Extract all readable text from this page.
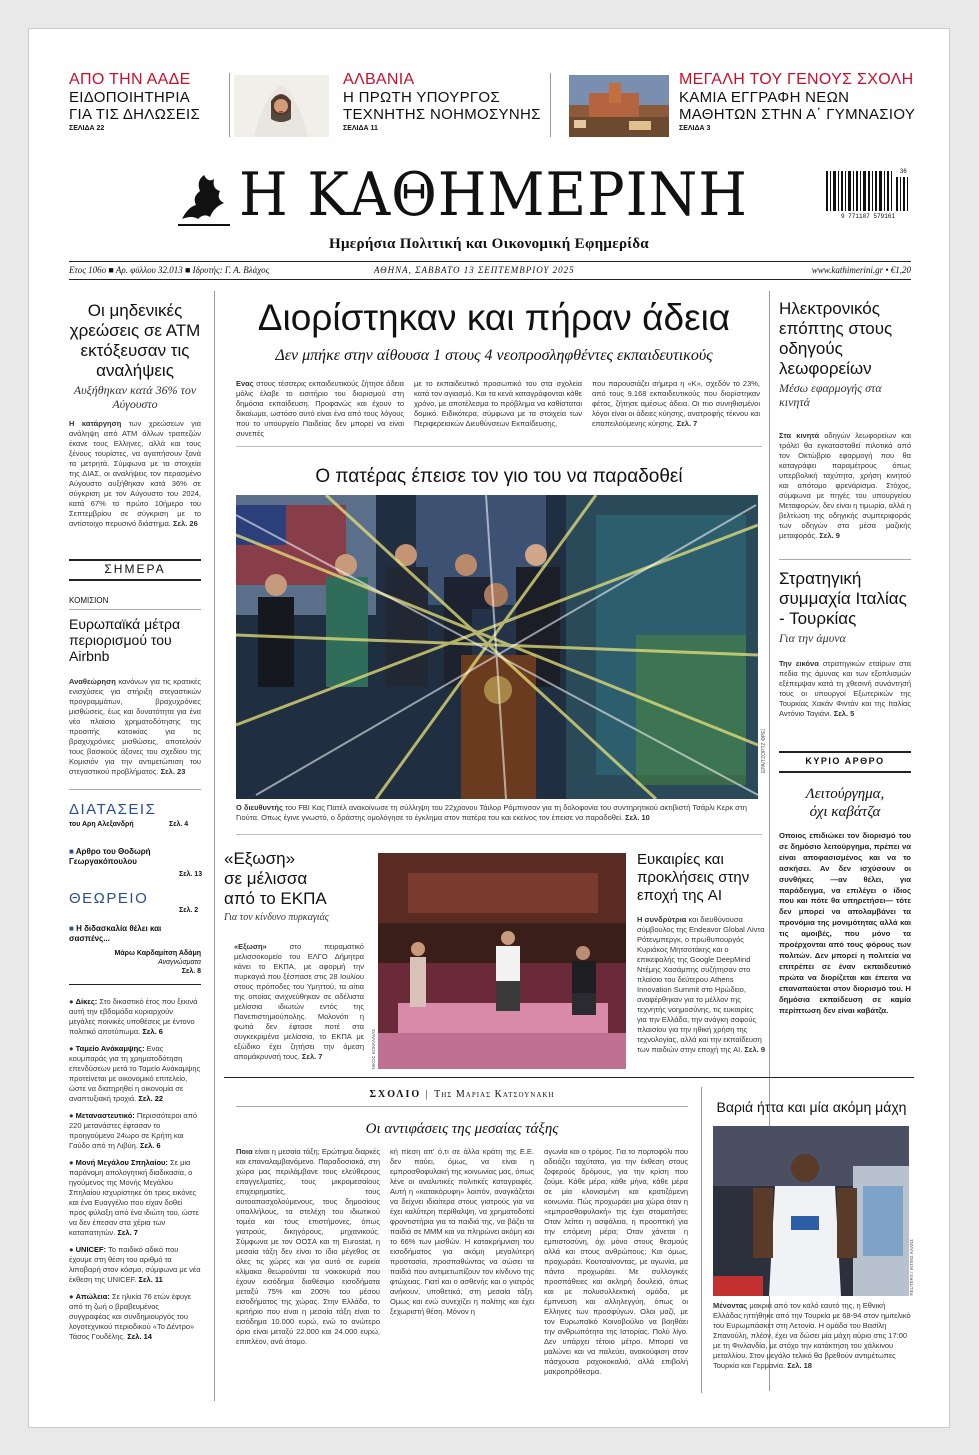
ΑΠΟ ΤΗΝ ΑΑΔΕ
ΕΙΔΟΠΟΙΗΤΗΡΙΑ
ΓΙΑ ΤΙΣ ΔΗΛΩΣΕΙΣ
ΣΕΛΙΔΑ 22
ΑΛΒΑΝΙΑ
Η ΠΡΩΤΗ ΥΠΟΥΡΓΟΣ
ΤΕΧΝΗΤΗΣ ΝΟΗΜΟΣΥΝΗΣ
ΣΕΛΙΔΑ 11
ΜΕΓΑΛΗ ΤΟΥ ΓΕΝΟΥΣ ΣΧΟΛΗ
ΚΑΜΙΑ ΕΓΓΡΑΦΗ ΝΕΩΝ
ΜΑΘΗΤΩΝ ΣΤΗΝ Α΄ ΓΥΜΝΑΣΙΟΥ
ΣΕΛΙΔΑ 3
Η ΚΑΘΗΜΕΡΙΝΗ	36
9 771107 579161
Ημερήσια Πολιτική και Οικονομική Εφημερίδα
Ετος 106ο ■ Αρ. φύλλου 32.013 ■ Ιδρυτής: Γ. Α. Βλάχος	ΑΘΗΝΑ, ΣΑΒΒΑΤΟ 13 ΣΕΠΤΕΜΒΡΙΟΥ 2025	www.kathimerini.gr • €1,20
Οι μηδενικές χρεώσεις σε ΑΤΜ εκτόξευσαν τις αναλήψεις
Αυξήθηκαν κατά 36% τον Αύγουστο
Η κατάργηση των χρεώσεων για ανάληψη από ΑΤΜ άλλων τραπεζών έκανε τους Ελληνες, αλλά και τους ξένους τουρίστες, να αγαπήσουν ξανά τα μετρητά. Σύμφωνα με τα στοιχεία της ΔΙΑΣ, οι αναλήψεις τον περασμένο Αύγουστο αυξήθηκαν κατά 36% σε σύγκριση με τον Αύγουστο του 2024, κατά 67% το πρώτο 10ήμερο του Σεπτεμβρίου σε σύγκριση με το αντίστοιχο περυσινό διάστημα. Σελ. 26
ΣΗΜΕΡΑ
ΚΟΜΙΣΙΟΝ
Ευρωπαϊκά μέτρα περιορισμού του Airbnb
Αναθεώρηση κανόνων για τις κρατικές ενισχύσεις για στήριξη στεγαστικών προγραμμάτων, βραχυχρόνιες μισθώσεις, έως και δυνατότητα για ένα νέο πλαίσιο χρηματοδότησης της προσιτής κατοικίας για τις βραχυχρόνιες μισθώσεις, αποτελούν τους βασικούς άξονες του σχεδίου της Κομισιόν για την αντιμετώπιση του στεγαστικού προβλήματος. Σελ. 23
ΔΙΑΤΑΣΕΙΣ
του Αρη Αλεξανδρή	Σελ. 4
■ Αρθρο του Θοδωρή Γεωργακόπουλου
Σελ. 13
ΘΕΩΡΕΙΟ
Σελ. 2
■ Η διδασκαλία θέλει και σασπένς...
Μάρω Καρδαμίτση Αδάμη
Αναγνώσματα
Σελ. 8
● Δίκες: Στο δικαστικό έτος που ξεκινά αυτή την εβδομάδα κυριαρχούν μεγάλες ποινικές υποθέσεις με έντονο πολιτικό αποτύπωμα. Σελ. 6
● Ταμείο Ανάκαμψης: Ενας κουμπαράς για τη χρηματοδότηση επενδύσεων μετά το Ταμείο Ανάκαμψης προτείνεται με οικονομικό επιτελείο, ώστε να διατηρηθεί η οικονομία σε αναπτυξιακή τροχιά. Σελ. 22
● Μεταναστευτικό: Περισσότεροι από 220 μετανάστες έφτασαν το προηγούμενο 24ωρο σε Κρήτη και Γαύδο από τη Λιβύη. Σελ. 6
● Μονή Μεγάλου Σπηλαίου: Σε μια παράνομη απολογητική διαδικασία, ο ηγούμενος της Μονής Μεγάλου Σπηλαίου ισχυρίστηκε ότι τρεις εικόνες και ένα Ευαγγέλιο που είχαν δοθεί προς φύλαξη από ένα ιδιώτη του, ώστε να δεν έπεσαν στα χέρια των καταπατητών. Σελ. 7
● UNICEF: Το παιδικό αδικό που έχουμε στη θέση του αριθμό τα λιποβαρή στον κόσμο, σύμφωνα με νέα έκθεση της UNICEF. Σελ. 11
● Απώλεια: Σε ηλικία 76 ετών έφυγε από τη ζωή ο βραβευμένος συγγραφέας και συνδημιουργός του λογοτεχνικού περιοδικού «Το Δέντρο» Τάσος Γουδέλης. Σελ. 14
Διορίστηκαν και πήραν άδεια
Δεν μπήκε στην αίθουσα 1 στους 4 νεοπροσληφθέντες εκπαιδευτικούς
Ενας στους τέσσερις εκπαιδευτικούς ζήτησε άδεια μόλις έλαβε το εισιτήριο του διορισμού στη δημόσια εκπαίδευση. Προφανώς και έχουν το δικαίωμα, ωστόσο αυτό είναι ένα από τους λόγους που το υπουργείο Παιδείας δεν μπορεί να είναι συνεπές
με το εκπαιδευτικό προσωπικό του στα σχολεία κατά τον αγιασμό. Και τα κενά καταγράφονται κάθε χρόνο, με αποτέλεσμα το πρόβλημα να καθίσταται δομικό. Ειδικότερα, σύμφωνα με τα στοιχεία των Περιφερειακών Διευθύνσεων Εκπαίδευσης,
που παρουσιάζει σήμερα η «Κ», σχεδόν το 23%, από τους 9.168 εκπαιδευτικούς που διορίστηκαν φέτος, ζήτησε αμέσως άδεια. Οι πιο συνηθισμένοι λόγοι είναι οι άδειες κύησης, ανατροφής τέκνου και επαπειλούμενης κύησης. Σελ. 7
Ο πατέρας έπεισε τον γιο του να παραδοθεί
EPA/ΤΖΟΡΤΖ ΦΡΕΪ
Ο διευθυντής του FBI Κας Πατέλ ανακοίνωσε τη σύλληψη του 22χρονου Τάιλορ Ρόμπινσον για τη δολοφονία του συντηρητικού ακτιβιστή Τσάρλι Κερκ στη Γιούτα. Οπως έγινε γνωστό, ο δράστης ομολόγησε το έγκλημα στον πατέρα του και εκείνος τον έπεισε να παραδοθεί. Σελ. 10
Ηλεκτρονικός επόπτης στους οδηγούς λεωφορείων
Μέσω εφαρμογής στα κινητά
Στα κινητά οδηγών λεωφορείων και τρόλεϊ θα εγκατασταθεί πιλοτικά από τον Οκτώβριο εφαρμογή που θα καταγράφει παραμέτρους όπως υπερβολική ταχύτητα, χρήση κινητού και απότομο φρενάρισμα. Στόχος, σύμφωνα με πηγές του υπουργείου Μεταφορών, δεν είναι η τιμωρία, αλλά η βελτίωση της οδηγικής συμπεριφοράς των οδηγών στα μέσα μαζικής μεταφοράς. Σελ. 9
Στρατηγική συμμαχία Ιταλίας - Τουρκίας
Για την άμυνα
Την εικόνα στρατηγικών εταίρων στα πεδία της άμυνας και των εξοπλισμών εξέπεμψαν κατά τη χθεσινή συνάντησή τους οι υπουργοί Εξωτερικών της Τουρκίας Χακάν Φιντάν και της Ιταλίας Αντόνιο Ταγιάνι. Σελ. 5
ΚΥΡΙΟ ΑΡΘΡΟ
Λειτούργημα,
όχι καβάτζα
Οποιος επιδιώκει τον διορισμό του σε δημόσιο λειτούργημα, πρέπει να είναι αποφασισμένος και να το ασκήσει. Αν δεν ισχύσουν οι συνθήκες —αν θέλει, για παράδειγμα, να επιλέγει ο ίδιος που και πότε θα υπηρετήσει— τότε δεν μπορεί να απολαμβάνει τα προνόμια της μονιμότητας αλλά και τις αμοιβές, που μόνο τα προέρχονται από τους φόρους των πολιτών. Δεν μπορεί η πολιτεία να επιτρέπει σε έναν εκπαιδευτικό πρώτα να διορίζεται και έπειτα να επαναπαύεται στον διορισμό του. Η δημόσια εκπαίδευση σε καμία περίπτωση δεν είναι καβάτζα.
«Εξωση»
σε μέλισσα
από το ΕΚΠΑ
Για τον κίνδυνο πυρκαγιάς
«Εξωση»	στο πειραματικό μελισσοκομείο του ΕΛΓΟ Δήμητρα κάνει το ΕΚΠΑ, με αφορμή την πυρκαγιά που ξέσπασε στις 28 Ιουλίου στους πρόποδες του Υμηττού, τα αίτια της οποίας ανιχνεύθηκαν σε αδέλιστα μελίσσια ιδιωτών εντός της Πανεπιστημιούπολης. Μολονότι η φωτιά δεν έφτασε ποτέ στα συγκεκριμένα μελίσσια, το ΕΚΠΑ με εξώδικο έχει ζητήσει την άμεση απομάκρυνσή τους. Σελ. 7	ΝΙΚΟΣ ΚΟΚΚΑΛΙΑΣ
Ευκαιρίες και προκλήσεις στην εποχή της AI
Η συνδρύτρια και διευθύνουσα σύμβουλος της Endeavor Global Λίντα Ρότενμπεργκ, ο πρωθυπουργός Κυριάκος Μητσοτάκης και ο επικεφαλής της Google DeepMind Ντέμης Χασάμπης συζήτησαν στο πλαίσιο του δεύτερου Athens Innovation Summit στο Ηρώδειο, αναφέρθηκαν για το μέλλον της τεχνητής νοημοσύνης, τις ευκαιρίες για την Ελλάδα, την ανάγκη σαφούς πλαισίου για την ηθική χρήση της τεχνολογίας, αλλά και την εκπαίδευση των παιδιών στην εποχή της AI. Σελ. 9
ΣΧΟΛΙΟ | Της Μαριας Κατσουνακη
Οι αντιφάσεις της μεσαίας τάξης
Ποια είναι η μεσαία τάξη; Ερώτημα διαρκές και επαναλαμβανόμενο. Παραδοσιακά, στη χώρα μας περιλάμβανε τους ελεύθερους επαγγελματίες, τους μικρομεσαίους επιχειρηματίες, τους αυτοαπασχολούμενους, τους δημοσίους υπαλλήλους, τα στελέχη του ιδιωτικού τομέα και τους επιστήμονες, όπως γιατρούς, δικηγόρους, μηχανικούς. Σύμφωνα με τον ΟΟΣΑ και τη Eurostat, η μεσαία τάξη δεν είναι το ίδιο μέγεθος σε όλες τις χώρες και για αυτό σε ευρεία κλίμακα θεωρούνται τα νοικοκυριά που έχουν εισόδημα διαθέσιμο εισοδήματα μεταξύ 75% και 200% του μέσου εισοδήματος της χώρας. Στην Ελλάδα, το κριτήριο που είναι η μεσαία τάξη είναι το εισόδημα 10.000 ευρώ, ενώ το ανώτερο όριο είναι μεταξύ 22.000 και 24.000 ευρώ, επιπλέον, ανά άτομο.
κή πίεση απ' ό,τι σε άλλα κράτη της Ε.Ε. δεν παύει, όμως, να είναι η εμπροσθοφυλακή της κοινωνίας μας, όπως λένε οι αναλυτικές πολιτικές καταγραφές. Αυτή η «κατακόρυφη» λοιπόν, αναγκάζεται να δείχνει ιδιαίτερα στους γιατρούς για να έχει καλύτερη περίθαλψη, να χρηματοδοτεί φροντιστήρια για τα παιδιά της, να βάζει τα παιδιά σε ΜΜΜ και να πληρώνει ακόμη και το 66% των μισθών. Η κατακρήμνιση του εισοδήματος για ακόμη μεγαλύτερη προστασία, προσπαθώντας να σώσει τα παιδιά που αντιμετωπίζουν τον κίνδυνο της φτώχειας. Γιατί και ο ασθενής και ο γιατρός ανήκουν, υποθετικά, στη μεσαία τάξη. Ομως και ενώ συνεχίζει η πολίτης και έχει ξεχωριστή θέση. Μόνον η
αγωνία και ο τρόμος. Για το πορτοφόλι που αδειάζει ταχύτατα, για την έκθεση στους ζοφερούς δρόμους, για την κρίση που ζούμε. Κάθε μέρα, κάθε μήνα, κάθε μέρα σε μία κλονισμένη και κρατιζόμενη κοινωνία. Πώς προχωράει μια χώρα όταν η «εμπροσθοφυλακή» της έχει σταματήσει; Οταν λείπει η ασφάλεια, η προοπτική για την επόμενη μέρα; Οταν χάνεται η εμπιστοσύνη, όχι μόνο στους θεσμούς αλλά και στους ανθρώπους; Και όμως, προχωράει. Κουτσαίνοντας, με αγωνία, μα πάντα προχωράει. Με συλλογικές προσπάθειες και ακληρή δουλειά, όπως και με πολυσυλλεκτική ομάδα, με έμπνευση και αλληλεγγύη, όπως οι Ελληνες των προσφύγων. Ολοι μαζί, με τον Ευρωπαϊκό Κοινοβούλιο να βοηθάει την ανθρωπότητα της Ιστορίας. Πολύ λίγο. Δεν υπάρχει τέτοιο μέτρο. Μπορεί να μαλώνει και να παλεύει, ανακούφιση στον πάσχουσα ραχοκοκαλιά, αλλά επιβολή μακροπρόθεσμα.
Βαριά ήττα και μία ακόμη μάχη
REUTERS / ΙΝΤΙΜΣ ΚΑΛΝΣ
Μένοντας μακριά από τον καλό εαυτό της, η Εθνική Ελλάδας ηττήθηκε από την Τουρκία με 68-94 στον ημιτελικό του Ευρωμπάσκετ στη Λετονία. Η ομάδα του Βασίλη Σπανούλη, πλέον, έχει να δώσει μία μάχη αύριο στις 17:00 με τη Φινλανδία, με στόχο την κατάκτηση του χάλκινου μεταλλίου. Στον μεγάλο τελικό θα βρεθούν αντιμέτωπες Τουρκία και Γερμανία. Σελ. 18
